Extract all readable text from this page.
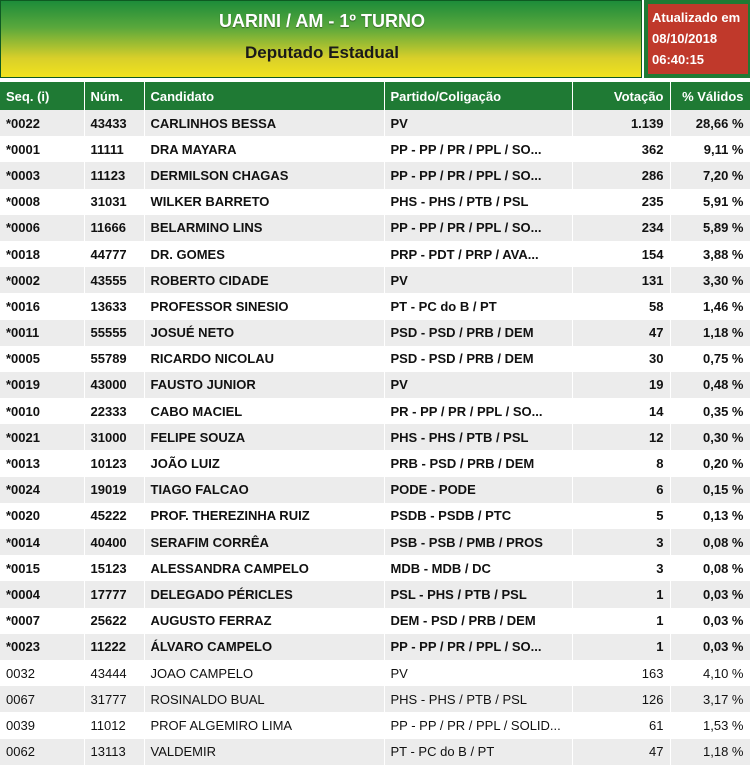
UARINI / AM - 1º TURNO
Deputado Estadual
Atualizado em
08/10/2018
06:40:15
Seq. (i)	Núm.	Candidato	Partido/Coligação	Votação	% Válidos
*0022	43433	CARLINHOS BESSA	PV	1.139	28,66 %
*0001	11111	DRA MAYARA	PP - PP / PR / PPL / SO...	362	9,11 %
*0003	11123	DERMILSON CHAGAS	PP - PP / PR / PPL / SO...	286	7,20 %
*0008	31031	WILKER BARRETO	PHS - PHS / PTB / PSL	235	5,91 %
*0006	11666	BELARMINO LINS	PP - PP / PR / PPL / SO...	234	5,89 %
*0018	44777	DR. GOMES	PRP - PDT / PRP / AVA...	154	3,88 %
*0002	43555	ROBERTO CIDADE	PV	131	3,30 %
*0016	13633	PROFESSOR SINESIO	PT - PC do B / PT	58	1,46 %
*0011	55555	JOSUÉ NETO	PSD - PSD / PRB / DEM	47	1,18 %
*0005	55789	RICARDO NICOLAU	PSD - PSD / PRB / DEM	30	0,75 %
*0019	43000	FAUSTO JUNIOR	PV	19	0,48 %
*0010	22333	CABO MACIEL	PR - PP / PR / PPL / SO...	14	0,35 %
*0021	31000	FELIPE SOUZA	PHS - PHS / PTB / PSL	12	0,30 %
*0013	10123	JOÃO LUIZ	PRB - PSD / PRB / DEM	8	0,20 %
*0024	19019	TIAGO FALCAO	PODE - PODE	6	0,15 %
*0020	45222	PROF. THEREZINHA RUIZ	PSDB - PSDB / PTC	5	0,13 %
*0014	40400	SERAFIM CORRÊA	PSB - PSB / PMB / PROS	3	0,08 %
*0015	15123	ALESSANDRA CAMPELO	MDB - MDB / DC	3	0,08 %
*0004	17777	DELEGADO PÉRICLES	PSL - PHS / PTB / PSL	1	0,03 %
*0007	25622	AUGUSTO FERRAZ	DEM - PSD / PRB / DEM	1	0,03 %
*0023	11222	ÁLVARO CAMPELO	PP - PP / PR / PPL / SO...	1	0,03 %
0032	43444	JOAO CAMPELO	PV	163	4,10 %
0067	31777	ROSINALDO BUAL	PHS - PHS / PTB / PSL	126	3,17 %
0039	11012	PROF ALGEMIRO LIMA	PP - PP / PR / PPL / SOLID...	61	1,53 %
0062	13113	VALDEMIR	PT - PC do B / PT	47	1,18 %
